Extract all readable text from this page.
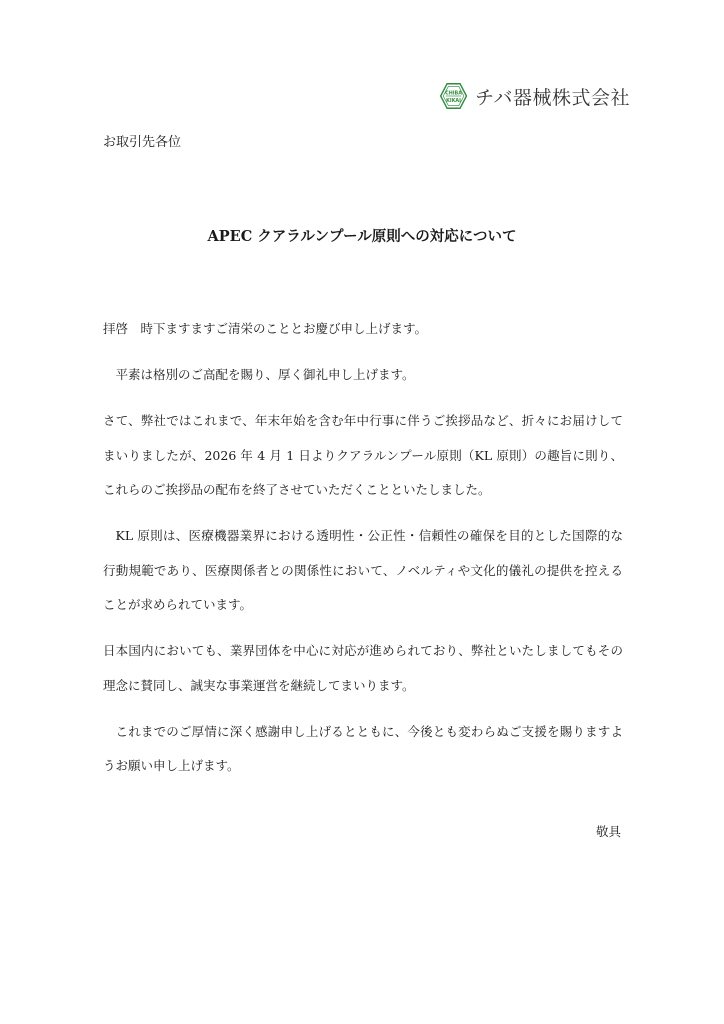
CHIBA
KIKAI チバ器械株式会社
お取引先各位
APEC クアラルンプール原則への対応について

拝啓　時下ますますご清栄のこととお慶び申し上げます。

平素は格別のご高配を賜り、厚く御礼申し上げます。

さて、弊社ではこれまで、年末年始を含む年中行事に伴うご挨拶品など、折々にお届けしてまいりましたが、2026 年 4 月 1 日よりクアラルンプール原則（KL 原則）の趣旨に則り、これらのご挨拶品の配布を終了させていただくことといたしました。

KL 原則は、医療機器業界における透明性・公正性・信頼性の確保を目的とした国際的な行動規範であり、医療関係者との関係性において、ノベルティや文化的儀礼の提供を控えることが求められています。

日本国内においても、業界団体を中心に対応が進められており、弊社といたしましてもその理念に賛同し、誠実な事業運営を継続してまいります。

これまでのご厚情に深く感謝申し上げるとともに、今後とも変わらぬご支援を賜りますようお願い申し上げます。

敬具
